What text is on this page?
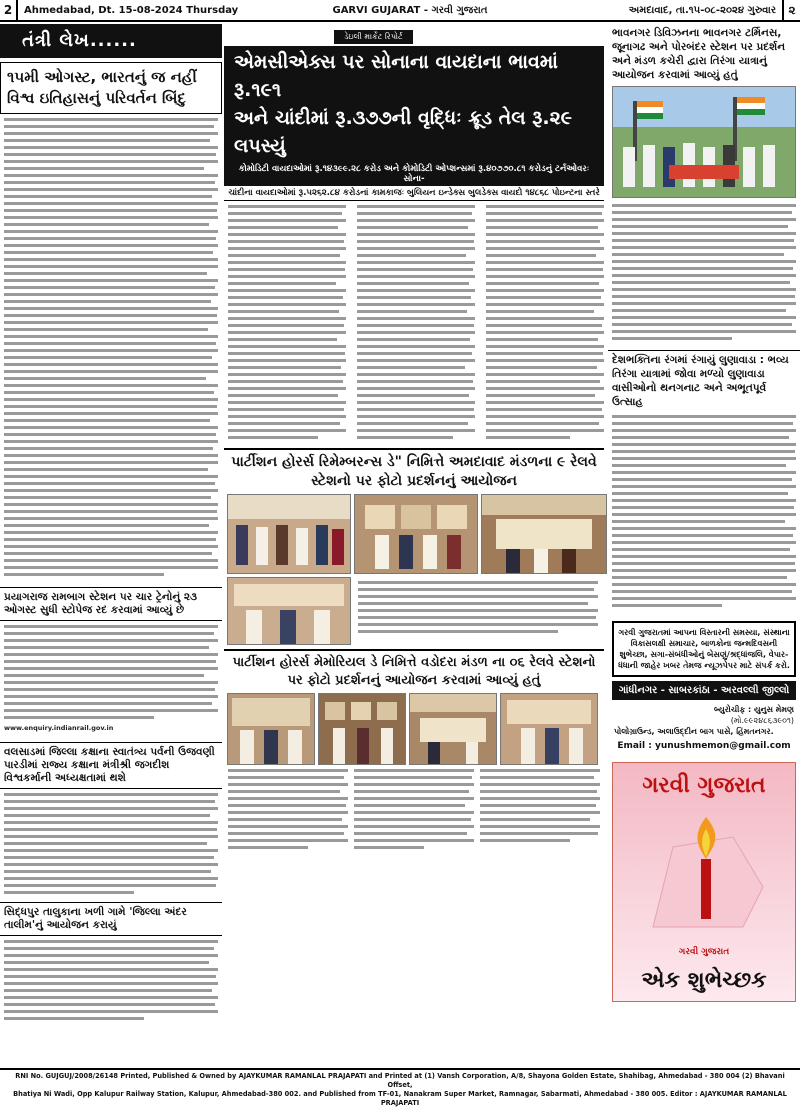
2	Ahmedabad, Dt. 15-08-2024 Thursday	GARVI GUJARAT - ગરવી ગુજરાત	અમદાવાદ, તા.૧૫-૦૮-૨૦૨૪ ગુરુવાર	૨
તંત્રી લેખ......
૧૫મી ઓગસ્ટ, ભારતનું જ નહીં વિશ્વ ઇતિહાસનું પરિવર્તન બિંદુ
પ્રયાગરાજ રામબાગ સ્ટેશન પર ચાર ટ્રેનોનું ૨૩ ઓગસ્ટ સુધી સ્ટોપેજ રદ કરવામાં આવ્યું છે
www.enquiry.indianrail.gov.in
વલસાડમાં જિલ્લા કક્ષાના સ્વાતંત્ર્ય પર્વની ઉજવણી પારડીમાં રાજ્ય કક્ષાના મંત્રીશ્રી જગદીશ વિશ્વકર્માની અધ્યક્ષતામાં થશે
સિદ્ધપુર તાલુકાના ખળી ગામે 'જિલ્લા અંદર તાલીમ'નું આયોજન કરાયું
ડેઇલી માર્કેટ રિપોર્ટ
એમસીએક્સ પર સોનાના વાયદાના ભાવમાં રૂ.૧૯૧
અને ચાંદીમાં રૂ.૩૭૭ની વૃદ્ધિઃ ક્રૂડ તેલ રૂ.૨૯ લપસ્યું
કોમોડિટી વાયદાઓમાં રૂ.૧૪૩૯૯.૨૮ કરોડ અને કોમોડિટી ઓપ્શન્સમાં રૂ.૪૦૭૭૦.૮૧ કરોડનું ટર્નઓવરઃ સોના-
ચાંદીના વાયદાઓમાં રૂ.૫૨૬૨.૮૪ કરોડનાં કામકાજઃ બુલિયન ઇન્ડેક્સ બુલડેક્સ વાયદો ૧૪૮૬૮ પોઇન્ટના સ્તરે
પાર્ટીશન હોરર્સ રિમેમ્બરન્સ ડે" નિમિત્તે અમદાવાદ મંડળના ૯ રેલવે સ્ટેશનો પર ફોટો પ્રદર્શનનું આયોજન
પાર્ટીશન હોરર્સ મેમોરિયલ ડે નિમિત્તે વડોદરા મંડળ ના ૦૬ રેલવે સ્ટેશનો પર ફોટો પ્રદર્શનનું આયોજન કરવામાં આવ્યું હતું
ભાવનગર ડિવિઝનના ભાવનગર ટર્મિનસ, જૂનાગઢ અને પોરબંદર સ્ટેશન પર પ્રદર્શન અને મંડળ કચેરી દ્વારા તિરંગા યાત્રાનું આયોજન કરવામાં આવ્યું હતું
દેશભક્તિના રંગમાં રંગાયું લુણાવાડા : ભવ્ય તિરંગા યાત્રામાં જોવા મળ્યો લુણાવાડા વાસીઓનો થનગનાટ અને અભૂતપૂર્વ ઉત્સાહ
ગરવી ગુજરાતમાં આપના વિસ્તારની સમસ્યા, સંસ્થાના વિકાસલક્ષી સમાચાર, બાળકોના જન્મદિવસની શુભેચ્છા, સગા-સંબંધીઓનું બેસણું/શ્રદ્ધાંજલિ, વેપાર-ધંધાની જાહેર ખબર તેમજ ન્યૂઝપેપર માટે સંપર્ક કરો.
ગાંધીનગર - સાબરકાંઠા - અરવલ્લી જીલ્લો
બ્યુરોચીફ : યુનુસ મેમણ
(મો.૯૯૨૪૮૬૩૯૦૧)
પોલોગ્રાઉન્ડ, અલાઉદ્દીન બાગ પાસે, હિંમતનગર.
Email : yunushmemon@gmail.com
ગરવી ગુજરાત
ગરવી ગુજરાત
એક શુભેચ્છક
RNI No. GUJGUJ/2008/26148 Printed, Published & Owned by AJAYKUMAR RAMANLAL PRAJAPATI and Printed at (1) Vansh Corporation, A/8, Shayona Golden Estate, Shahibag, Ahmedabad - 380 004 (2) Bhavani Offset,
Bhatiya Ni Wadi, Opp Kalupur Railway Station, Kalupur, Ahmedabad-380 002. and Published from TF-01, Nanakram Super Market, Ramnagar, Sabarmati, Ahmedabad - 380 005. Editor : AJAYKUMAR RAMANLAL PRAJAPATI
